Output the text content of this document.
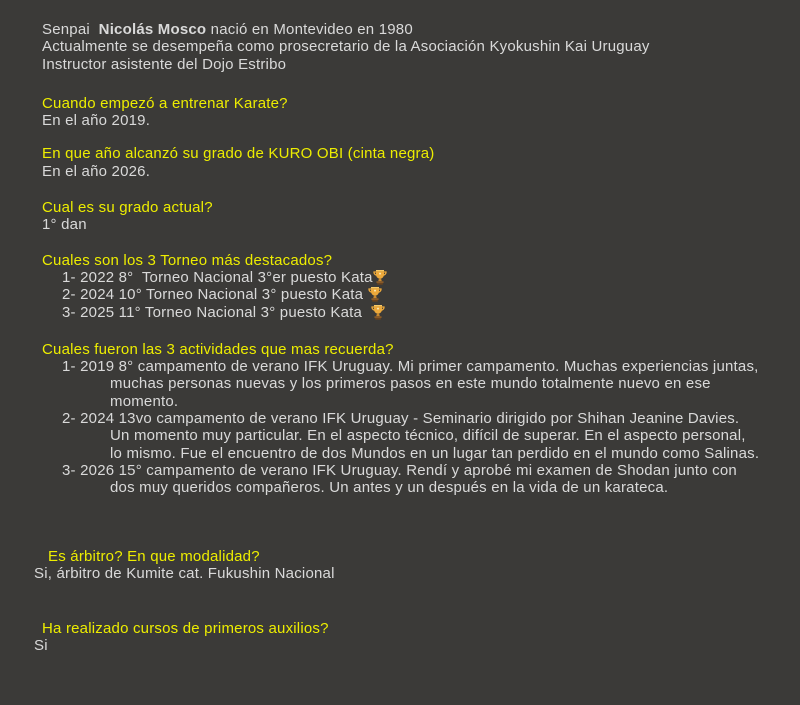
Senpai  Nicolás Mosco nació en Montevideo en 1980
Actualmente se desempeña como prosecretario de la Asociación Kyokushin Kai Uruguay
Instructor asistente del Dojo Estribo
Cuando empezó a entrenar Karate?
En el año 2019.
En que año alcanzó su grado de KURO OBI (cinta negra)
En el año 2026.
Cual es su grado actual?
1° dan
Cuales son los 3 Torneo más destacados?
1- 2022 8°  Torneo Nacional 3°er puesto Kata
2- 2024 10° Torneo Nacional 3° puesto Kata
3- 2025 11° Torneo Nacional 3° puesto Kata
Cuales fueron las 3 actividades que mas recuerda?
1- 2019 8° campamento de verano IFK Uruguay. Mi primer campamento. Muchas experiencias juntas,
muchas personas nuevas y los primeros pasos en este mundo totalmente nuevo en ese
momento.
2- 2024 13vo campamento de verano IFK Uruguay - Seminario dirigido por Shihan Jeanine Davies.
Un momento muy particular. En el aspecto técnico, difícil de superar. En el aspecto personal,
lo mismo. Fue el encuentro de dos Mundos en un lugar tan perdido en el mundo como Salinas.
3- 2026 15° campamento de verano IFK Uruguay. Rendí y aprobé mi examen de Shodan junto con
dos muy queridos compañeros. Un antes y un después en la vida de un karateca.
Es árbitro? En que modalidad?
Si, árbitro de Kumite cat. Fukushin Nacional
Ha realizado cursos de primeros auxilios?
Si
